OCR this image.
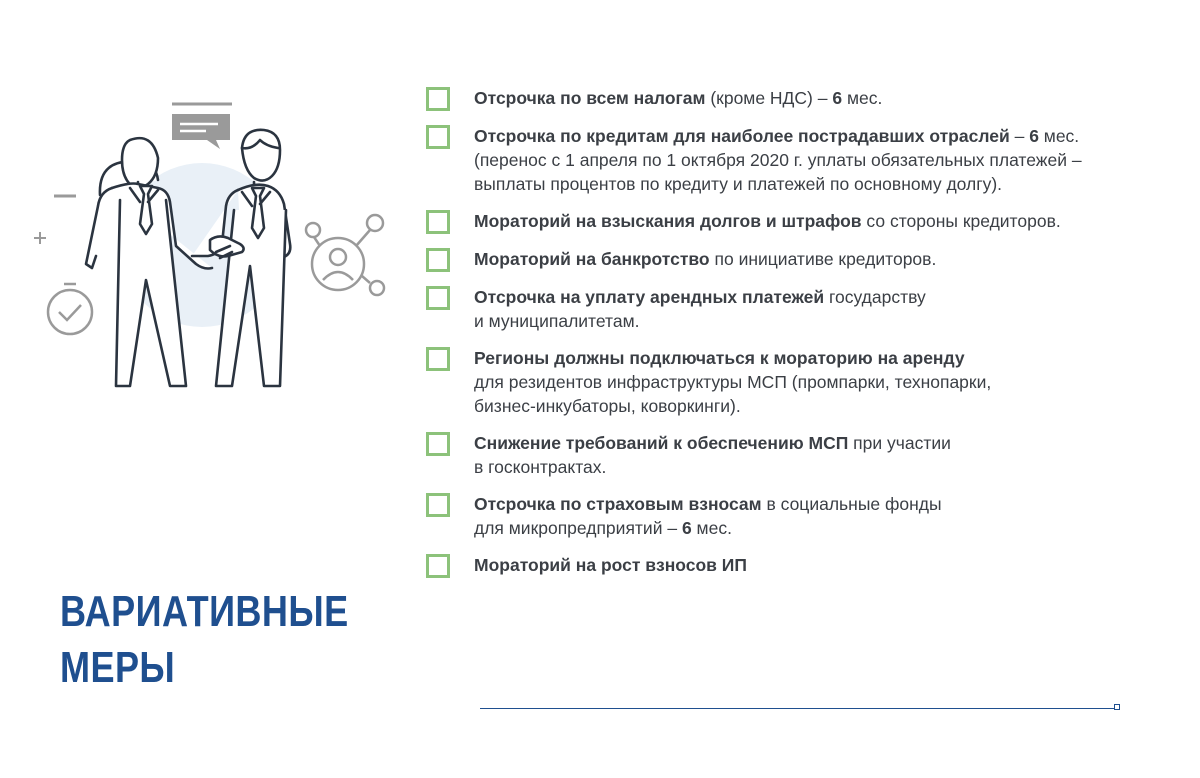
Отсрочка по всем налогам (кроме НДС) – 6 мес.
Отсрочка по кредитам для наиболее пострадавших отраслей – 6 мес.
(перенос с 1 апреля по 1 октября 2020 г. уплаты обязательных платежей – выплаты процентов по кредиту и платежей по основному долгу).
Мораторий на взыскания долгов и штрафов со стороны кредиторов.
Мораторий на банкротство по инициативе кредиторов.
Отсрочка на уплату арендных платежей государству
и муниципалитетам.
Регионы должны подключаться к мораторию на аренду
для резидентов инфраструктуры МСП (промпарки, технопарки, бизнес-инкубаторы, коворкинги).
Снижение требований к обеспечению МСП при участии
в госконтрактах.
Отсрочка по страховым взносам в социальные фонды
для микропредприятий – 6 мес.
Мораторий на рост взносов ИП
ВАРИАТИВНЫЕ
МЕРЫ
